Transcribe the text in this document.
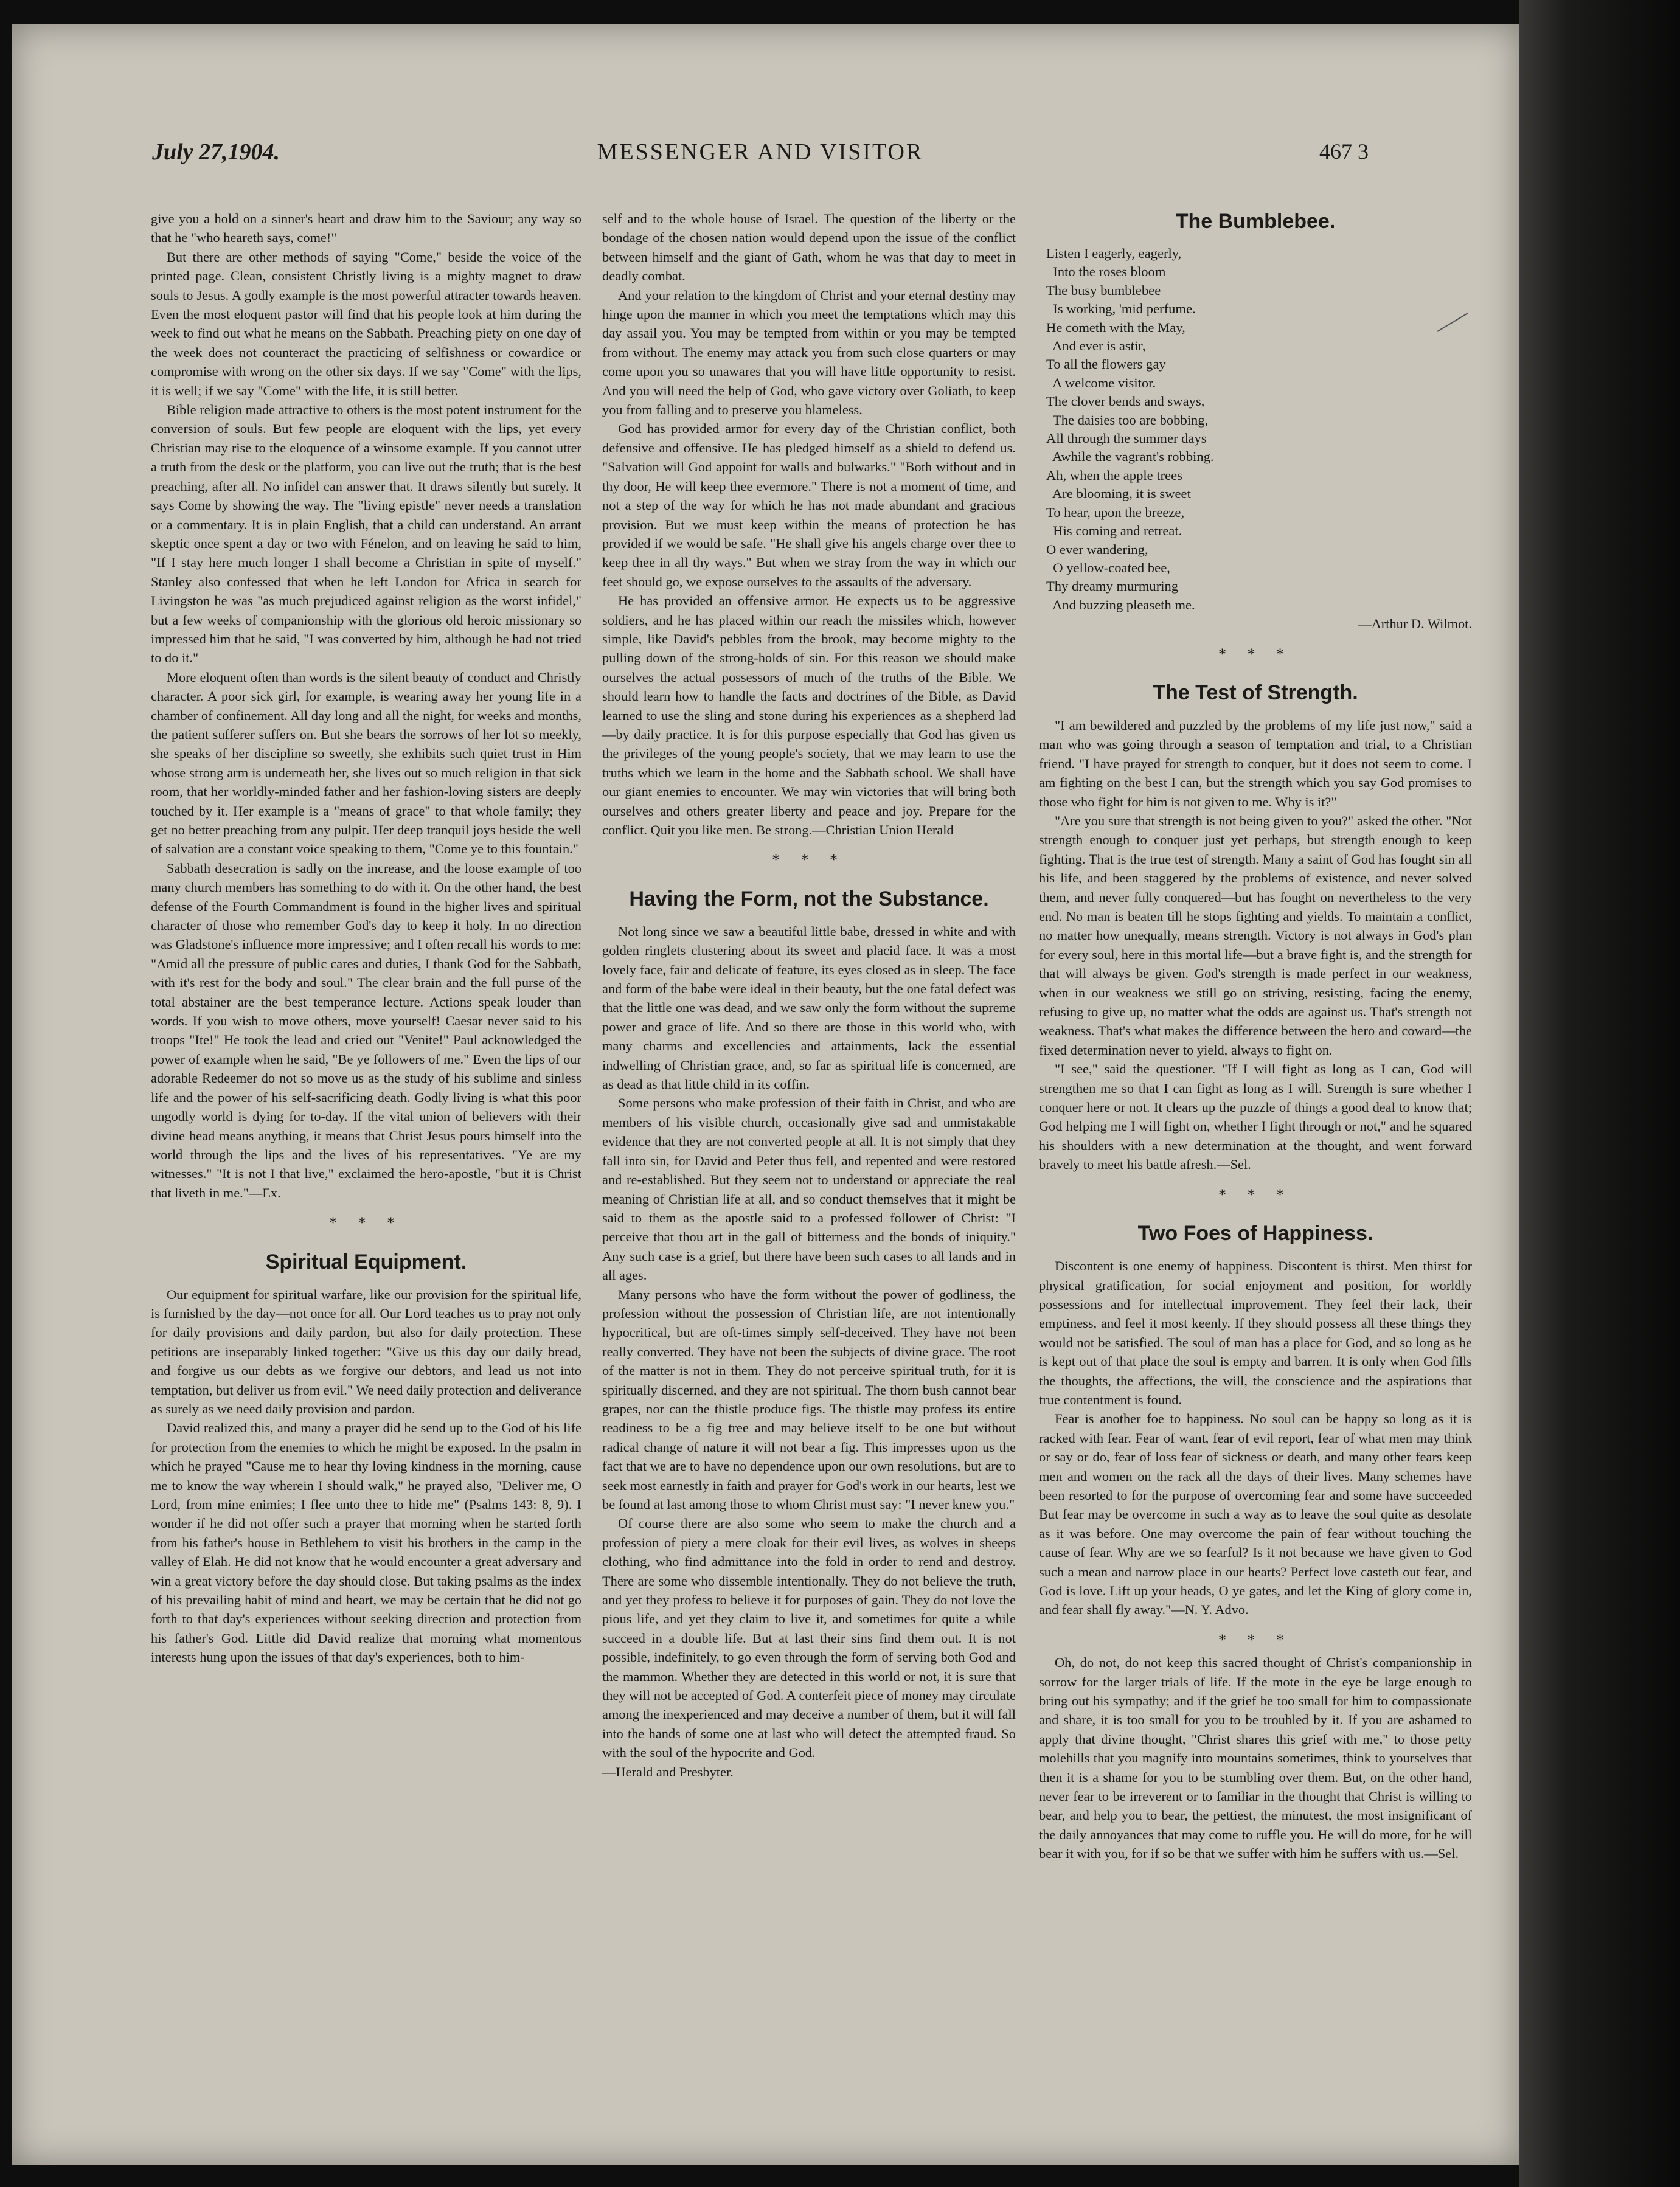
July 27,1904.	MESSENGER AND VISITOR	467 3

give you a hold on a sinner's heart and draw him to the Saviour; any way so that he "who heareth says, come!"

But there are other methods of saying "Come," beside the voice of the printed page. Clean, consistent Christly living is a mighty magnet to draw souls to Jesus. A godly example is the most powerful attracter towards heaven. Even the most eloquent pastor will find that his people look at him during the week to find out what he means on the Sabbath. Preaching piety on one day of the week does not counteract the practicing of selfishness or cowardice or compromise with wrong on the other six days. If we say "Come" with the lips, it is well; if we say "Come" with the life, it is still better.

Bible religion made attractive to others is the most potent instrument for the conversion of souls. But few people are eloquent with the lips, yet every Christian may rise to the eloquence of a winsome example. If you cannot utter a truth from the desk or the platform, you can live out the truth; that is the best preaching, after all. No infidel can answer that. It draws silently but surely. It says Come by showing the way. The "living epistle" never needs a translation or a commentary. It is in plain English, that a child can understand. An arrant skeptic once spent a day or two with Fénelon, and on leaving he said to him, "If I stay here much longer I shall become a Christian in spite of myself." Stanley also confessed that when he left London for Africa in search for Livingston he was "as much prejudiced against religion as the worst infidel," but a few weeks of companionship with the glorious old heroic missionary so impressed him that he said, "I was converted by him, although he had not tried to do it."

More eloquent often than words is the silent beauty of conduct and Christly character. A poor sick girl, for example, is wearing away her young life in a chamber of confinement. All day long and all the night, for weeks and months, the patient sufferer suffers on. But she bears the sorrows of her lot so meekly, she speaks of her discipline so sweetly, she exhibits such quiet trust in Him whose strong arm is underneath her, she lives out so much religion in that sick room, that her worldly-minded father and her fashion-loving sisters are deeply touched by it. Her example is a "means of grace" to that whole family; they get no better preaching from any pulpit. Her deep tranquil joys beside the well of salvation are a constant voice speaking to them, "Come ye to this fountain."

Sabbath desecration is sadly on the increase, and the loose example of too many church members has something to do with it. On the other hand, the best defense of the Fourth Commandment is found in the higher lives and spiritual character of those who remember God's day to keep it holy. In no direction was Gladstone's influence more impressive; and I often recall his words to me: "Amid all the pressure of public cares and duties, I thank God for the Sabbath, with it's rest for the body and soul." The clear brain and the full purse of the total abstainer are the best temperance lecture. Actions speak louder than words. If you wish to move others, move yourself! Caesar never said to his troops "Ite!" He took the lead and cried out "Venite!" Paul acknowledged the power of example when he said, "Be ye followers of me." Even the lips of our adorable Redeemer do not so move us as the study of his sublime and sinless life and the power of his self-sacrificing death. Godly living is what this poor ungodly world is dying for to-day. If the vital union of believers with their divine head means anything, it means that Christ Jesus pours himself into the world through the lips and the lives of his representatives. "Ye are my witnesses." "It is not I that live," exclaimed the hero-apostle, "but it is Christ that liveth in me."—Ex.

* * *
Spiritual Equipment.

Our equipment for spiritual warfare, like our provision for the spiritual life, is furnished by the day—not once for all. Our Lord teaches us to pray not only for daily provisions and daily pardon, but also for daily protection. These petitions are inseparably linked together: "Give us this day our daily bread, and forgive us our debts as we forgive our debtors, and lead us not into temptation, but deliver us from evil." We need daily protection and deliverance as surely as we need daily provision and pardon.

David realized this, and many a prayer did he send up to the God of his life for protection from the enemies to which he might be exposed. In the psalm in which he prayed "Cause me to hear thy loving kindness in the morning, cause me to know the way wherein I should walk," he prayed also, "Deliver me, O Lord, from mine enimies; I flee unto thee to hide me" (Psalms 143: 8, 9). I wonder if he did not offer such a prayer that morning when he started forth from his father's house in Bethlehem to visit his brothers in the camp in the valley of Elah. He did not know that he would encounter a great adversary and win a great victory before the day should close. But taking psalms as the index of his prevailing habit of mind and heart, we may be certain that he did not go forth to that day's experiences without seeking direction and protection from his father's God. Little did David realize that morning what momentous interests hung upon the issues of that day's experiences, both to him-

self and to the whole house of Israel. The question of the liberty or the bondage of the chosen nation would depend upon the issue of the conflict between himself and the giant of Gath, whom he was that day to meet in deadly combat.

And your relation to the kingdom of Christ and your eternal destiny may hinge upon the manner in which you meet the temptations which may this day assail you. You may be tempted from within or you may be tempted from without. The enemy may attack you from such close quarters or may come upon you so unawares that you will have little opportunity to resist. And you will need the help of God, who gave victory over Goliath, to keep you from falling and to preserve you blameless.

God has provided armor for every day of the Christian conflict, both defensive and offensive. He has pledged himself as a shield to defend us. "Salvation will God appoint for walls and bulwarks." "Both without and in thy door, He will keep thee evermore." There is not a moment of time, and not a step of the way for which he has not made abundant and gracious provision. But we must keep within the means of protection he has provided if we would be safe. "He shall give his angels charge over thee to keep thee in all thy ways." But when we stray from the way in which our feet should go, we expose ourselves to the assaults of the adversary.

He has provided an offensive armor. He expects us to be aggressive soldiers, and he has placed within our reach the missiles which, however simple, like David's pebbles from the brook, may become mighty to the pulling down of the strong-holds of sin. For this reason we should make ourselves the actual possessors of much of the truths of the Bible. We should learn how to handle the facts and doctrines of the Bible, as David learned to use the sling and stone during his experiences as a shepherd lad—by daily practice. It is for this purpose especially that God has given us the privileges of the young people's society, that we may learn to use the truths which we learn in the home and the Sabbath school. We shall have our giant enemies to encounter. We may win victories that will bring both ourselves and others greater liberty and peace and joy. Prepare for the conflict. Quit you like men. Be strong.—Christian Union Herald

* * *
Having the Form, not the Substance.

Not long since we saw a beautiful little babe, dressed in white and with golden ringlets clustering about its sweet and placid face. It was a most lovely face, fair and delicate of feature, its eyes closed as in sleep. The face and form of the babe were ideal in their beauty, but the one fatal defect was that the little one was dead, and we saw only the form without the supreme power and grace of life. And so there are those in this world who, with many charms and excellencies and attainments, lack the essential indwelling of Christian grace, and, so far as spiritual life is concerned, are as dead as that little child in its coffin.

Some persons who make profession of their faith in Christ, and who are members of his visible church, occasionally give sad and unmistakable evidence that they are not converted people at all. It is not simply that they fall into sin, for David and Peter thus fell, and repented and were restored and re-established. But they seem not to understand or appreciate the real meaning of Christian life at all, and so conduct themselves that it might be said to them as the apostle said to a professed follower of Christ: "I perceive that thou art in the gall of bitterness and the bonds of iniquity." Any such case is a grief, but there have been such cases to all lands and in all ages.

Many persons who have the form without the power of godliness, the profession without the possession of Christian life, are not intentionally hypocritical, but are oft-times simply self-deceived. They have not been really converted. They have not been the subjects of divine grace. The root of the matter is not in them. They do not perceive spiritual truth, for it is spiritually discerned, and they are not spiritual. The thorn bush cannot bear grapes, nor can the thistle produce figs. The thistle may profess its entire readiness to be a fig tree and may believe itself to be one but without radical change of nature it will not bear a fig. This impresses upon us the fact that we are to have no dependence upon our own resolutions, but are to seek most earnestly in faith and prayer for God's work in our hearts, lest we be found at last among those to whom Christ must say: "I never knew you."

Of course there are also some who seem to make the church and a profession of piety a mere cloak for their evil lives, as wolves in sheeps clothing, who find admittance into the fold in order to rend and destroy. There are some who dissemble intentionally. They do not believe the truth, and yet they profess to believe it for purposes of gain. They do not love the pious life, and yet they claim to live it, and sometimes for quite a while succeed in a double life. But at last their sins find them out. It is not possible, indefinitely, to go even through the form of serving both God and the mammon. Whether they are detected in this world or not, it is sure that they will not be accepted of God. A conterfeit piece of money may circulate among the inexperienced and may deceive a number of them, but it will fall into the hands of some one at last who will detect the attempted fraud. So with the soul of the hypocrite and God.

—Herald and Presbyter.

The Bumblebee.
Listen I eagerly, eagerly,
Into the roses bloom
The busy bumblebee
Is working, 'mid perfume.
He cometh with the May,
And ever is astir,
To all the flowers gay
A welcome visitor.
The clover bends and sways,
The daisies too are bobbing,
All through the summer days
Awhile the vagrant's robbing.
Ah, when the apple trees
Are blooming, it is sweet
To hear, upon the breeze,
His coming and retreat.
O ever wandering,
O yellow-coated bee,
Thy dreamy murmuring
And buzzing pleaseth me.

—Arthur D. Wilmot.

* * *
The Test of Strength.

"I am bewildered and puzzled by the problems of my life just now," said a man who was going through a season of temptation and trial, to a Christian friend. "I have prayed for strength to conquer, but it does not seem to come. I am fighting on the best I can, but the strength which you say God promises to those who fight for him is not given to me. Why is it?"

"Are you sure that strength is not being given to you?" asked the other. "Not strength enough to conquer just yet perhaps, but strength enough to keep fighting. That is the true test of strength. Many a saint of God has fought sin all his life, and been staggered by the problems of existence, and never solved them, and never fully conquered—but has fought on nevertheless to the very end. No man is beaten till he stops fighting and yields. To maintain a conflict, no matter how unequally, means strength. Victory is not always in God's plan for every soul, here in this mortal life—but a brave fight is, and the strength for that will always be given. God's strength is made perfect in our weakness, when in our weakness we still go on striving, resisting, facing the enemy, refusing to give up, no matter what the odds are against us. That's strength not weakness. That's what makes the difference between the hero and coward—the fixed determination never to yield, always to fight on.

"I see," said the questioner. "If I will fight as long as I can, God will strengthen me so that I can fight as long as I will. Strength is sure whether I conquer here or not. It clears up the puzzle of things a good deal to know that; God helping me I will fight on, whether I fight through or not," and he squared his shoulders with a new determination at the thought, and went forward bravely to meet his battle afresh.—Sel.

* * *
Two Foes of Happiness.

Discontent is one enemy of happiness. Discontent is thirst. Men thirst for physical gratification, for social enjoyment and position, for worldly possessions and for intellectual improvement. They feel their lack, their emptiness, and feel it most keenly. If they should possess all these things they would not be satisfied. The soul of man has a place for God, and so long as he is kept out of that place the soul is empty and barren. It is only when God fills the thoughts, the affections, the will, the conscience and the aspirations that true contentment is found.

Fear is another foe to happiness. No soul can be happy so long as it is racked with fear. Fear of want, fear of evil report, fear of what men may think or say or do, fear of loss fear of sickness or death, and many other fears keep men and women on the rack all the days of their lives. Many schemes have been resorted to for the purpose of overcoming fear and some have succeeded But fear may be overcome in such a way as to leave the soul quite as desolate as it was before. One may overcome the pain of fear without touching the cause of fear. Why are we so fearful? Is it not because we have given to God such a mean and narrow place in our hearts? Perfect love casteth out fear, and God is love. Lift up your heads, O ye gates, and let the King of glory come in, and fear shall fly away."—N. Y. Advo.

* * *

Oh, do not, do not keep this sacred thought of Christ's companionship in sorrow for the larger trials of life. If the mote in the eye be large enough to bring out his sympathy; and if the grief be too small for him to compassionate and share, it is too small for you to be troubled by it. If you are ashamed to apply that divine thought, "Christ shares this grief with me," to those petty molehills that you magnify into mountains sometimes, think to yourselves that then it is a shame for you to be stumbling over them. But, on the other hand, never fear to be irreverent or to familiar in the thought that Christ is willing to bear, and help you to bear, the pettiest, the minutest, the most insignificant of the daily annoyances that may come to ruffle you. He will do more, for he will bear it with you, for if so be that we suffer with him he suffers with us.—Sel.
